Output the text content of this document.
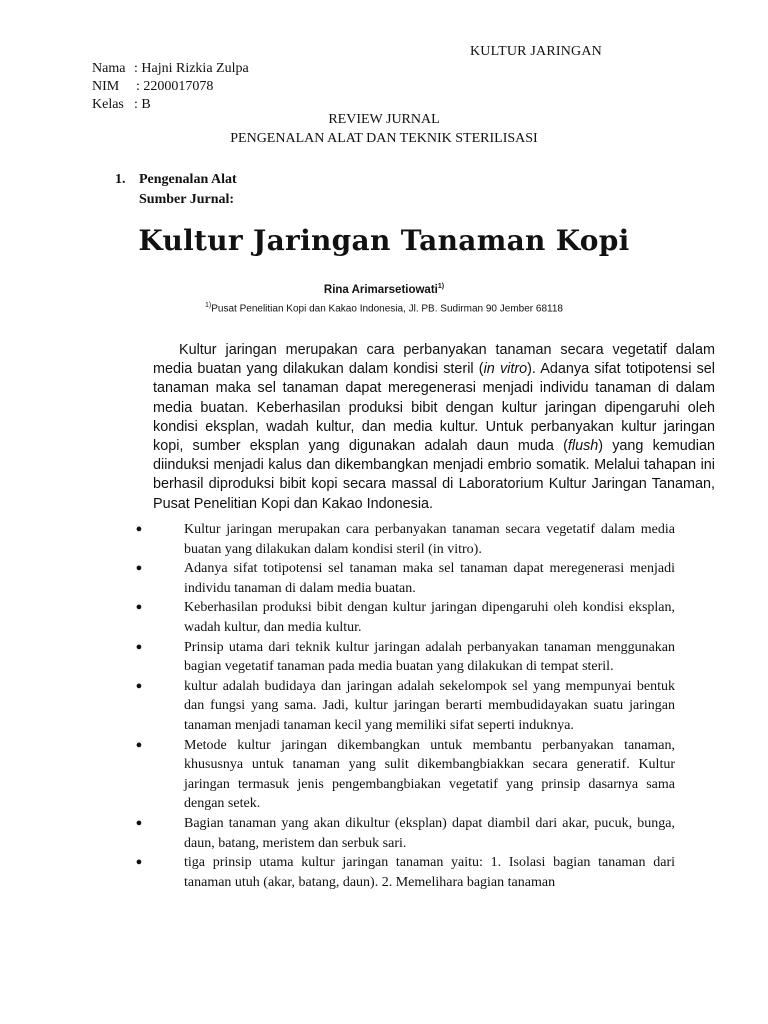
KULTUR JARINGAN
Nama : Hajni Rizkia Zulpa
NIM	: 2200017078
Kelas : B
REVIEW JURNAL
PENGENALAN ALAT DAN TEKNIK STERILISASI
1. Pengenalan Alat
Sumber Jurnal:
Kultur Jaringan Tanaman Kopi
Rina Arimarsetiowati$^{1)}$
$^{1)}$Pusat Penelitian Kopi dan Kakao Indonesia, Jl. PB. Sudirman 90 Jember 68118
Kultur jaringan merupakan cara perbanyakan tanaman secara vegetatif dalam media buatan yang dilakukan dalam kondisi steril (in vitro). Adanya sifat totipotensi sel tanaman maka sel tanaman dapat meregenerasi menjadi individu tanaman di dalam media buatan. Keberhasilan produksi bibit dengan kultur jaringan dipengaruhi oleh kondisi eksplan, wadah kultur, dan media kultur. Untuk perbanyakan kultur jaringan kopi, sumber eksplan yang digunakan adalah daun muda (flush) yang kemudian diinduksi menjadi kalus dan dikembangkan menjadi embrio somatik. Melalui tahapan ini berhasil diproduksi bibit kopi secara massal di Laboratorium Kultur Jaringan Tanaman, Pusat Penelitian Kopi dan Kakao Indonesia.
●	Kultur jaringan merupakan cara perbanyakan tanaman secara vegetatif dalam media buatan yang dilakukan dalam kondisi steril (in vitro).
●	Adanya sifat totipotensi sel tanaman maka sel tanaman dapat meregenerasi menjadi individu tanaman di dalam media buatan.
●	Keberhasilan produksi bibit dengan kultur jaringan dipengaruhi oleh kondisi eksplan, wadah kultur, dan media kultur.
●	Prinsip utama dari teknik kultur jaringan adalah perbanyakan tanaman menggunakan bagian vegetatif tanaman pada media buatan yang dilakukan di tempat steril.
●	kultur adalah budidaya dan jaringan adalah sekelompok sel yang mempunyai bentuk dan fungsi yang sama. Jadi, kultur jaringan berarti membudidayakan suatu jaringan tanaman menjadi tanaman kecil yang memiliki sifat seperti induknya.
●	Metode kultur jaringan dikembangkan untuk membantu perbanyakan tanaman, khususnya untuk tanaman yang sulit dikembangbiakkan secara generatif. Kultur jaringan termasuk jenis pengembangbiakan vegetatif yang prinsip dasarnya sama dengan setek.
●	Bagian tanaman yang akan dikultur (eksplan) dapat diambil dari akar, pucuk, bunga, daun, batang, meristem dan serbuk sari.
●	tiga prinsip utama kultur jaringan tanaman yaitu: 1. Isolasi bagian tanaman dari tanaman utuh (akar, batang, daun). 2. Memelihara bagian tanaman
